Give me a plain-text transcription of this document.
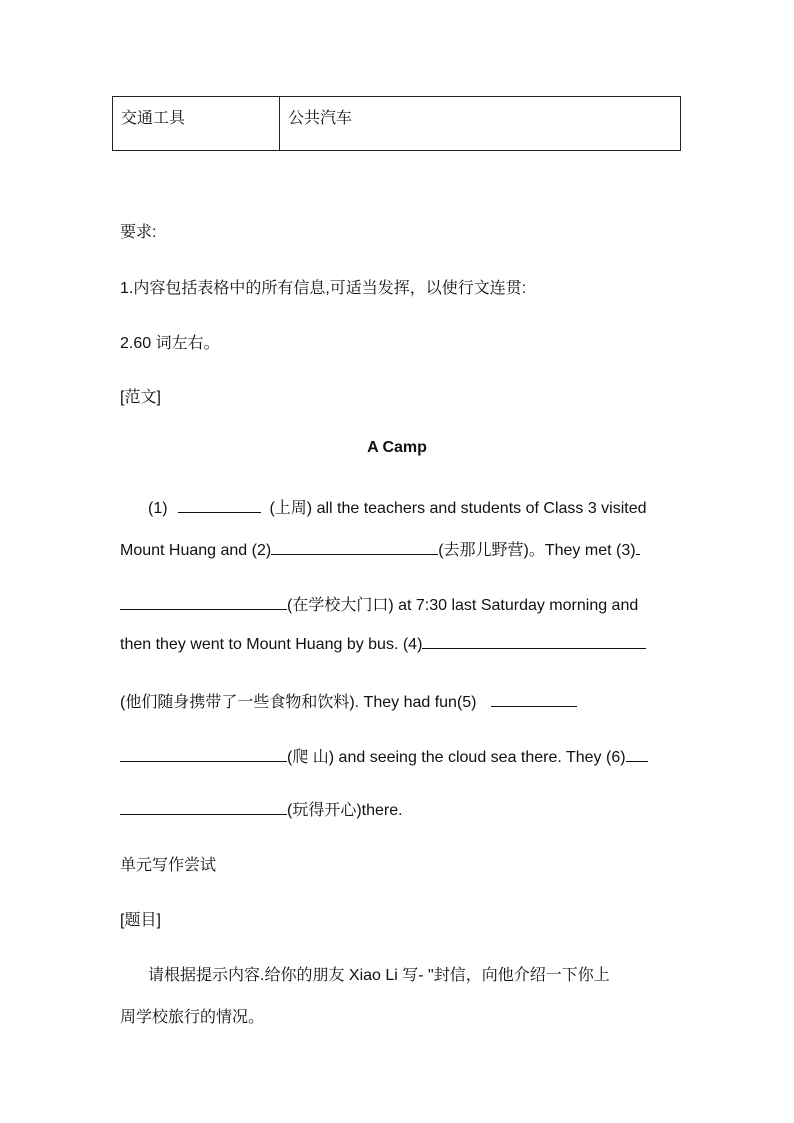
交通工具	公共汽车
要求:
1.内容包括表格中的所有信息,可适当发挥，以使行文连贯:
2.60 词左右。
[范文]
A Camp
(1)	(上周) all the teachers and students of Class 3 visited
Mount Huang and (2)	(去那儿野营)。They met (3)
(在学校大门口) at 7:30 last Saturday morning and
then they went to Mount Huang by bus. (4)
(他们随身携带了一些食物和饮料). They had fun(5)
(爬 山) and seeing the cloud sea there. They (6)
(玩得开心)there.
单元写作尝试
[题目]
请根据提示内容.给你的朋友 Xiao Li 写- "封信，向他介绍一下你上
周学校旅行的情况。
